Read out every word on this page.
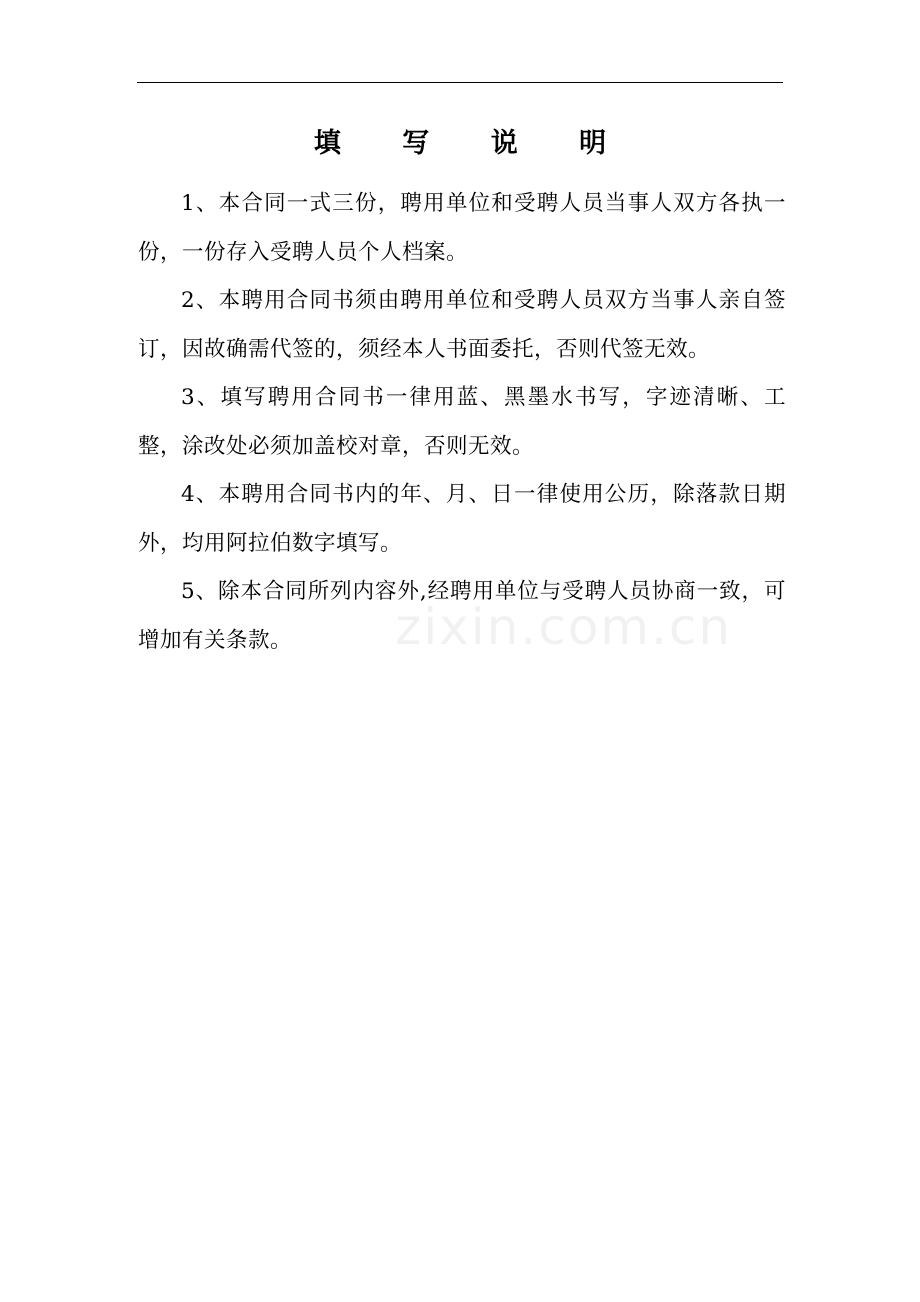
填 写 说 明

1、本合同一式三份，聘用单位和受聘人员当事人双方各执一份，一份存入受聘人员个人档案。

2、本聘用合同书须由聘用单位和受聘人员双方当事人亲自签订，因故确需代签的，须经本人书面委托，否则代签无效。

3、填写聘用合同书一律用蓝、黑墨水书写，字迹清晰、工整，涂改处必须加盖校对章，否则无效。

4、本聘用合同书内的年、月、日一律使用公历，除落款日期外，均用阿拉伯数字填写。

5、除本合同所列内容外,经聘用单位与受聘人员协商一致，可增加有关条款。	zixin.com.cn
